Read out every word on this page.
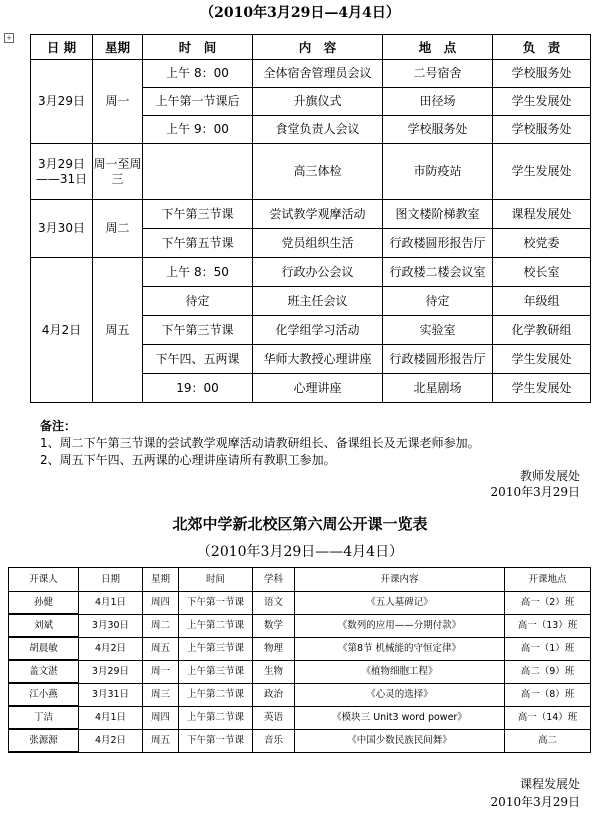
（2010年3月29日—4月4日）
+
日 期	星期	时　间	内　容	地　点	负　责
3月29日	周一	上午 8：00	全体宿舍管理员会议	二号宿舍	学校服务处
		上午第一节课后	升旗仪式	田径场	学生发展处
		上午 9：00	食堂负责人会议	学校服务处	学校服务处
3月29日——31日	周一至周三		高三体检	市防疫站	学生发展处
3月30日	周二	下午第三节课	尝试教学观摩活动	图文楼阶梯教室	课程发展处
		下午第五节课	党员组织生活	行政楼圆形报告厅	校党委
4月2日	周五	上午 8：50	行政办公会议	行政楼二楼会议室	校长室
		待定	班主任会议	待定	年级组
		下午第三节课	化学组学习活动	实验室	化学教研组
		下午四、五两课	华师大教授心理讲座	行政楼圆形报告厅	学生发展处
		19：00	心理讲座	北星剧场	学生发展处
备注：
1、周二下午第三节课的尝试教学观摩活动请教研组长、备课组长及无课老师参加。
2、周五下午四、五两课的心理讲座请所有教职工参加。
教师发展处
2010年3月29日
北郊中学新北校区第六周公开课一览表
（2010年3月29日——4月4日）
开课人	日期	星期	时间	学科	开课内容	开课地点
孙健	4月1日	周四	下午第一节课	语文	《五人墓碑记》	高一（2）班
刘斌	3月30日	周二	上午第二节课	数学	《数列的应用——分期付款》	高一（13）班
胡晨敏	4月2日	周五	上午第三节课	物理	《第8节 机械能的守恒定律》	高一（1）班
盖文湛	3月29日	周一	上午第三节课	生物	《植物细胞工程》	高二（9）班
江小燕	3月31日	周三	上午第二节课	政治	《心灵的选择》	高一（8）班
丁洁	4月1日	周四	上午第二节课	英语	《模块三 Unit3 word power》	高一（14）班
张源源	4月2日	周五	下午第一节课	音乐	《中国少数民族民间舞》	高二
课程发展处
2010年3月29日
